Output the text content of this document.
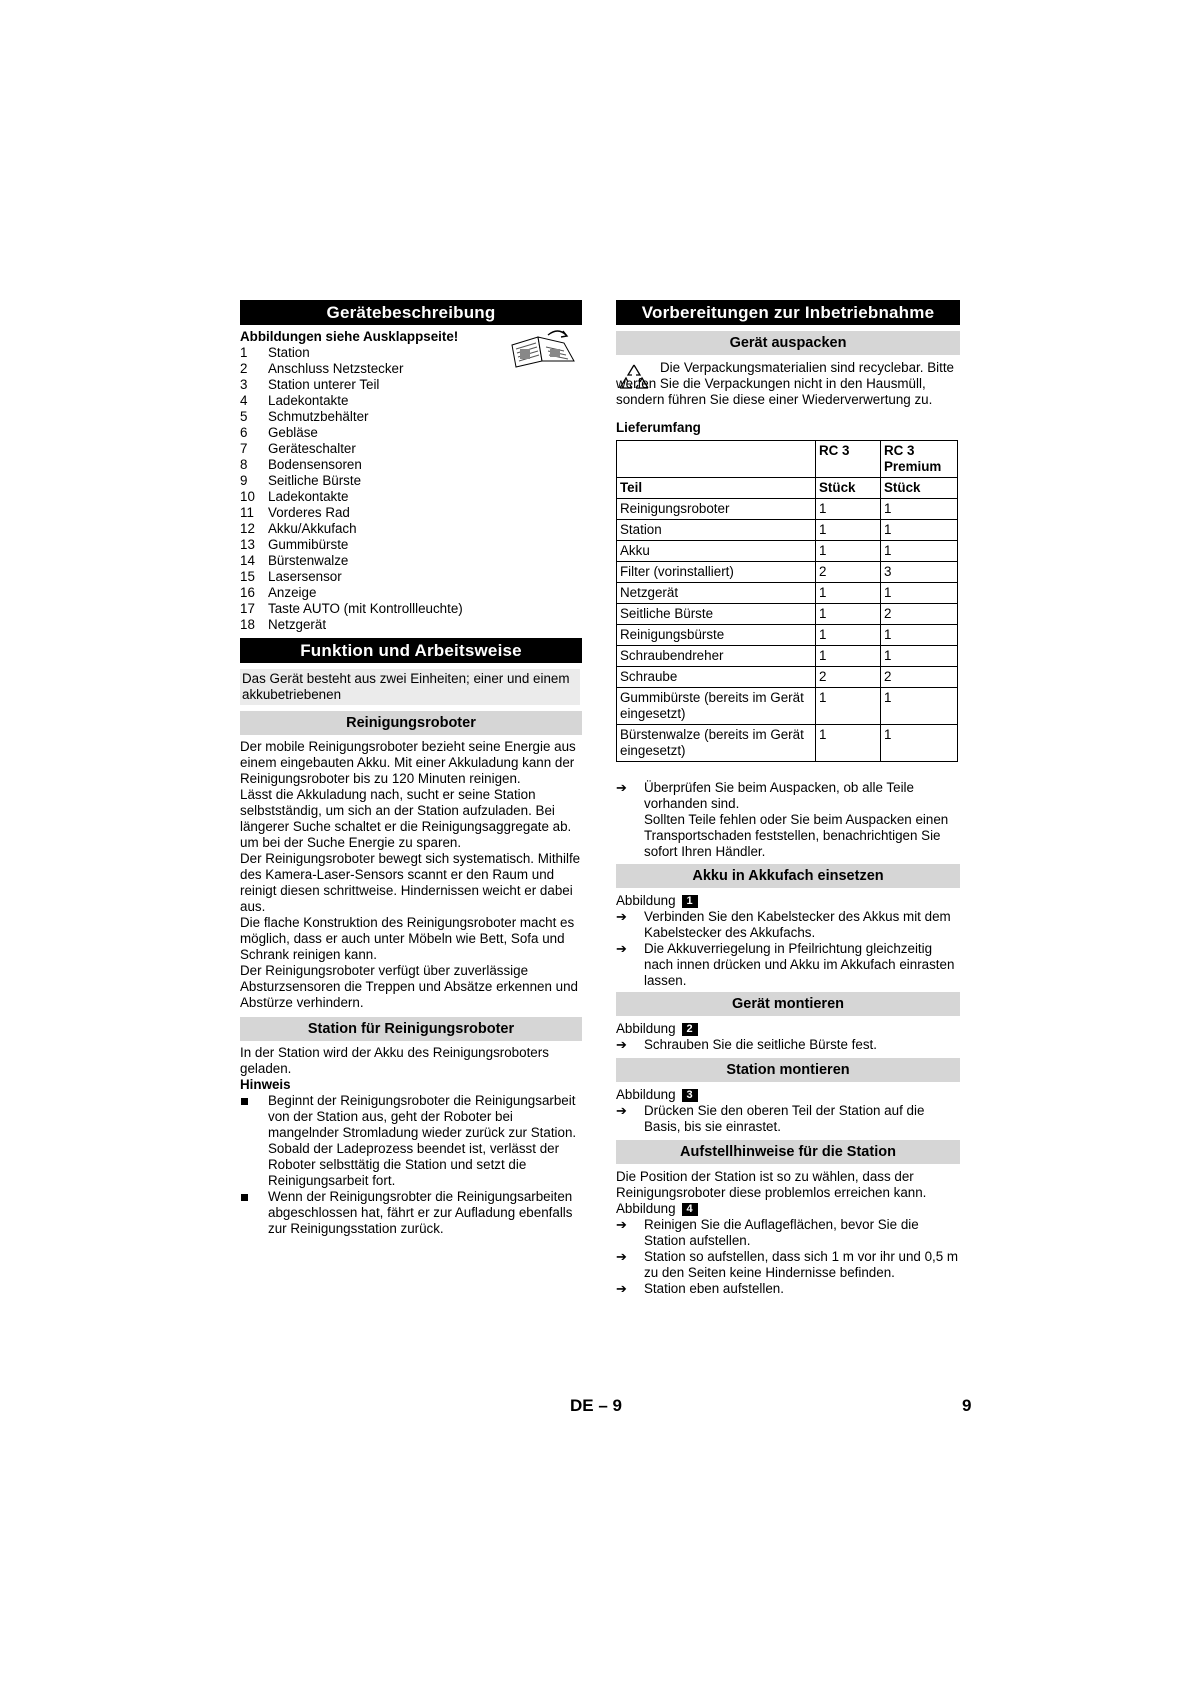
Gerätebeschreibung
Abbildungen siehe Ausklappseite!
1	Station
2	Anschluss Netzstecker
3	Station unterer Teil
4	Ladekontakte
5	Schmutzbehälter
6	Gebläse
7	Geräteschalter
8	Bodensensoren
9	Seitliche Bürste
10 Ladekontakte
11	Vorderes Rad
12 Akku/Akkufach
13 Gummibürste
14 Bürstenwalze
15 Lasersensor
16 Anzeige
17 Taste AUTO (mit Kontrollleuchte)
18 Netzgerät
Funktion und Arbeitsweise
Das Gerät besteht aus zwei Einheiten; einer und einem akkubetriebenen
Reinigungsroboter
Der mobile Reinigungsroboter bezieht seine Energie aus einem eingebauten Akku. Mit einer Akkuladung kann der Reinigungsroboter bis zu 120 Minuten reinigen.
Lässt die Akkuladung nach, sucht er seine Station selbstständig, um sich an der Station aufzuladen. Bei längerer Suche schaltet er die Reinigungsaggregate ab. um bei der Suche Energie zu sparen.
Der Reinigungsroboter bewegt sich systematisch. Mithilfe des Kamera-Laser-Sensors scannt er den Raum und reinigt diesen schrittweise. Hindernissen weicht er dabei aus.
Die flache Konstruktion des Reinigungsroboter macht es möglich, dass er auch unter Möbeln wie Bett, Sofa und Schrank reinigen kann.
Der Reinigungsroboter verfügt über zuverlässige Absturzsensoren die Treppen und Absätze erkennen und Abstürze verhindern.
Station für Reinigungsroboter
In der Station wird der Akku des Reinigungsroboters geladen.
Hinweis
Beginnt der Reinigungsroboter die Reinigungsarbeit von der Station aus, geht der Roboter bei mangelnder Stromladung wieder zurück zur Station. Sobald der Ladeprozess beendet ist, verlässt der Roboter selbsttätig die Station und setzt die Reinigungsarbeit fort.
Wenn der Reinigungsrobter die Reinigungsarbeiten abgeschlossen hat, fährt er zur Aufladung ebenfalls zur Reinigungsstation zurück.
Vorbereitungen zur Inbetriebnahme
Gerät auspacken
Die Verpackungsmaterialien sind recyclebar. Bitte werfen Sie die Verpackungen nicht in den Hausmüll, sondern führen Sie diese einer Wiederverwertung zu.
Lieferumfang
	RC 3	RC 3 Premium
Teil	Stück	Stück
Reinigungsroboter	1	1
Station	1	1
Akku	1	1
Filter (vorinstalliert)	2	3
Netzgerät	1	1
Seitliche Bürste	1	2
Reinigungsbürste	1	1
Schraubendreher	1	1
Schraube	2	2
Gummibürste (bereits im Gerät eingesetzt)	1	1
Bürstenwalze (bereits im Gerät eingesetzt)	1	1
➔	Überprüfen Sie beim Auspacken, ob alle Teile vorhanden sind.
Sollten Teile fehlen oder Sie beim Auspacken einen Transportschaden feststellen, benachrichtigen Sie sofort Ihren Händler.
Akku in Akkufach einsetzen
Abbildung 1
➔	Verbinden Sie den Kabelstecker des Akkus mit dem Kabelstecker des Akkufachs.
➔	Die Akkuverriegelung in Pfeilrichtung gleichzeitig nach innen drücken und Akku im Akkufach einrasten lassen.
Gerät montieren
Abbildung 2
➔	Schrauben Sie die seitliche Bürste fest.
Station montieren
Abbildung 3
➔	Drücken Sie den oberen Teil der Station auf die Basis, bis sie einrastet.
Aufstellhinweise für die Station
Die Position der Station ist so zu wählen, dass der Reinigungsroboter diese problemlos erreichen kann.
Abbildung 4
➔	Reinigen Sie die Auflageflächen, bevor Sie die Station aufstellen.
➔	Station so aufstellen, dass sich 1 m vor ihr und 0,5 m zu den Seiten keine Hindernisse befinden.
➔	Station eben aufstellen.
DE – 9	9
